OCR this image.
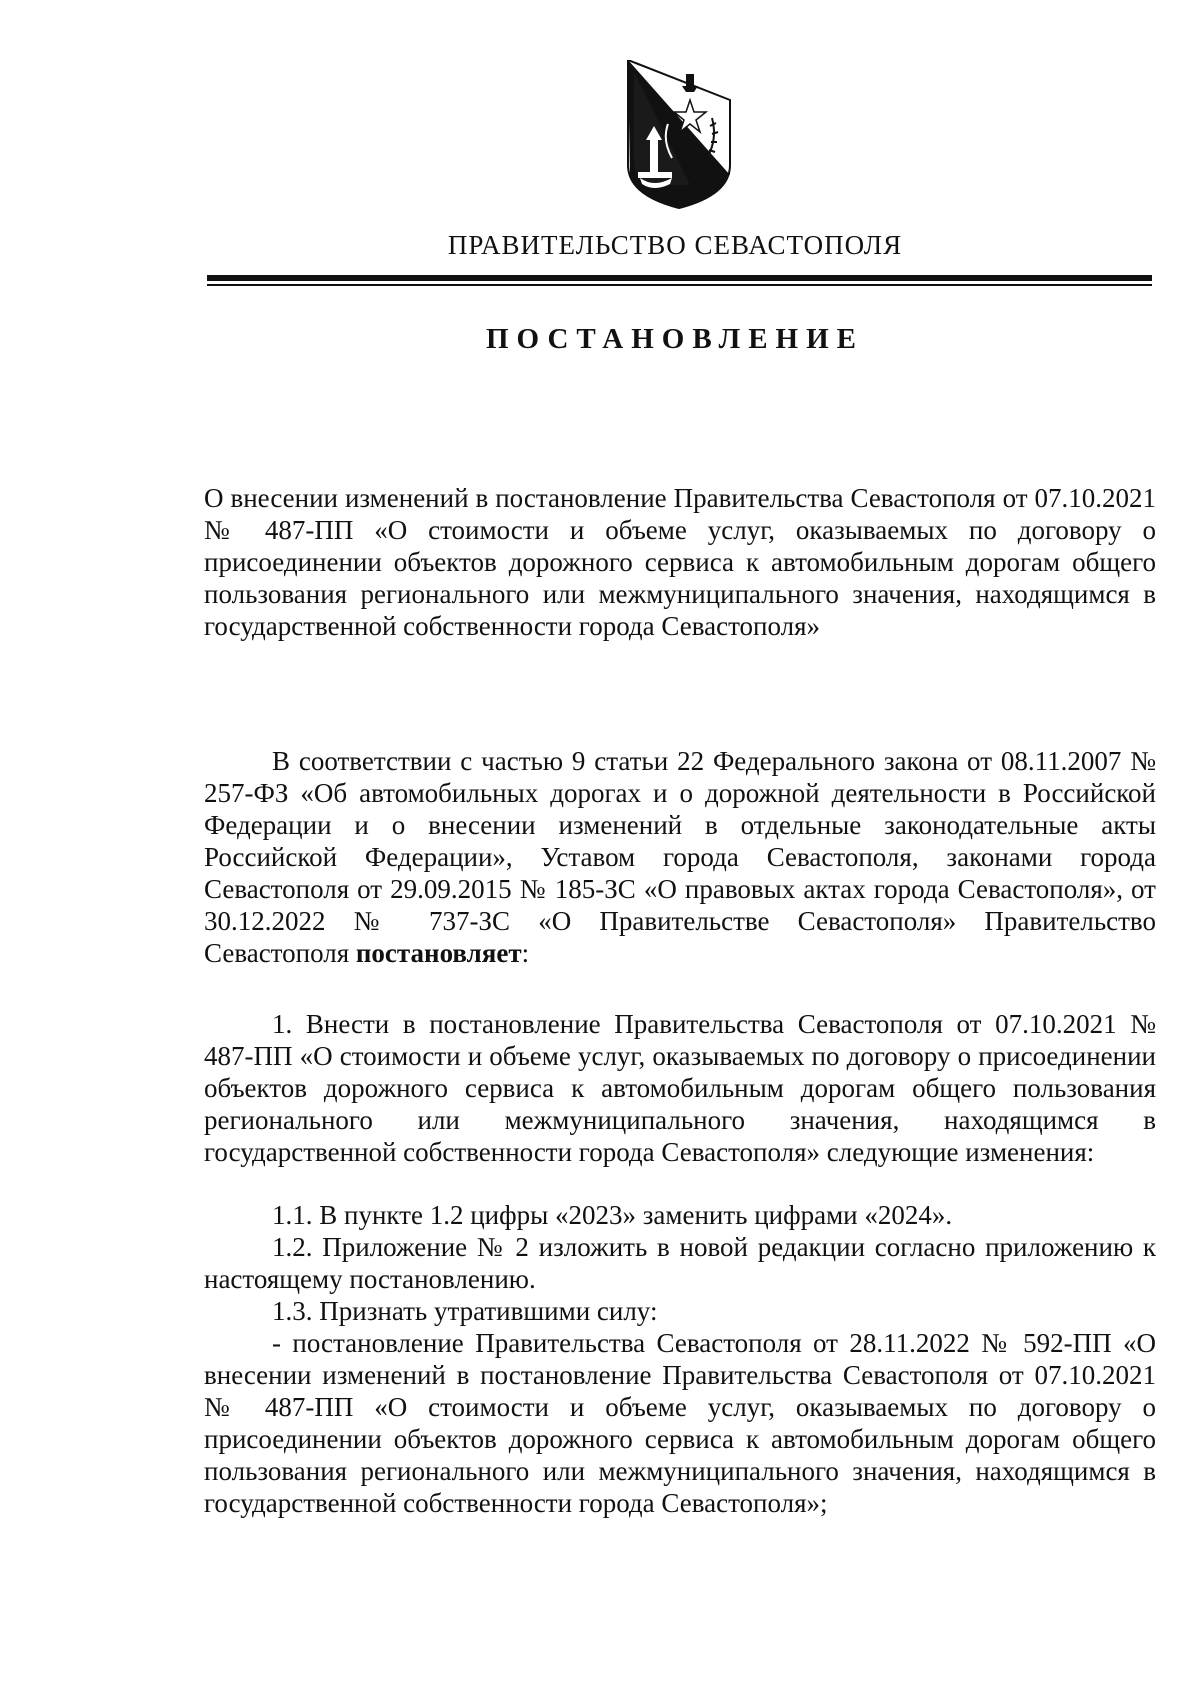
ПРАВИТЕЛЬСТВО СЕВАСТОПОЛЯ
ПОСТАНОВЛЕНИЕ

О внесении изменений в постановление Правительства Севастополя от 07.10.2021 № 487-ПП «О стоимости и объеме услуг, оказываемых по договору о присоединении объектов дорожного сервиса к автомобильным дорогам общего пользования регионального или межмуниципального значения, находящимся в государственной собственности города Севастополя»

В соответствии с частью 9 статьи 22 Федерального закона от 08.11.2007 № 257-ФЗ «Об автомобильных дорогах и о дорожной деятельности в Российской Федерации и о внесении изменений в отдельные законодательные акты Российской Федерации», Уставом города Севастополя, законами города Севастополя от 29.09.2015 № 185-ЗС «О правовых актах города Севастополя», от 30.12.2022 № 737-ЗС «О Правительстве Севастополя» Правительство Севастополя постановляет:

1. Внести в постановление Правительства Севастополя от 07.10.2021 № 487-ПП «О стоимости и объеме услуг, оказываемых по договору о присоединении объектов дорожного сервиса к автомобильным дорогам общего пользования регионального или межмуниципального значения, находящимся в государственной собственности города Севастополя» следующие изменения:

1.1. В пункте 1.2 цифры «2023» заменить цифрами «2024».

1.2. Приложение № 2 изложить в новой редакции согласно приложению к настоящему постановлению.

1.3. Признать утратившими силу:

- постановление Правительства Севастополя от 28.11.2022 № 592-ПП «О внесении изменений в постановление Правительства Севастополя от 07.10.2021 № 487-ПП «О стоимости и объеме услуг, оказываемых по договору о присоединении объектов дорожного сервиса к автомобильным дорогам общего пользования регионального или межмуниципального значения, находящимся в государственной собственности города Севастополя»;
